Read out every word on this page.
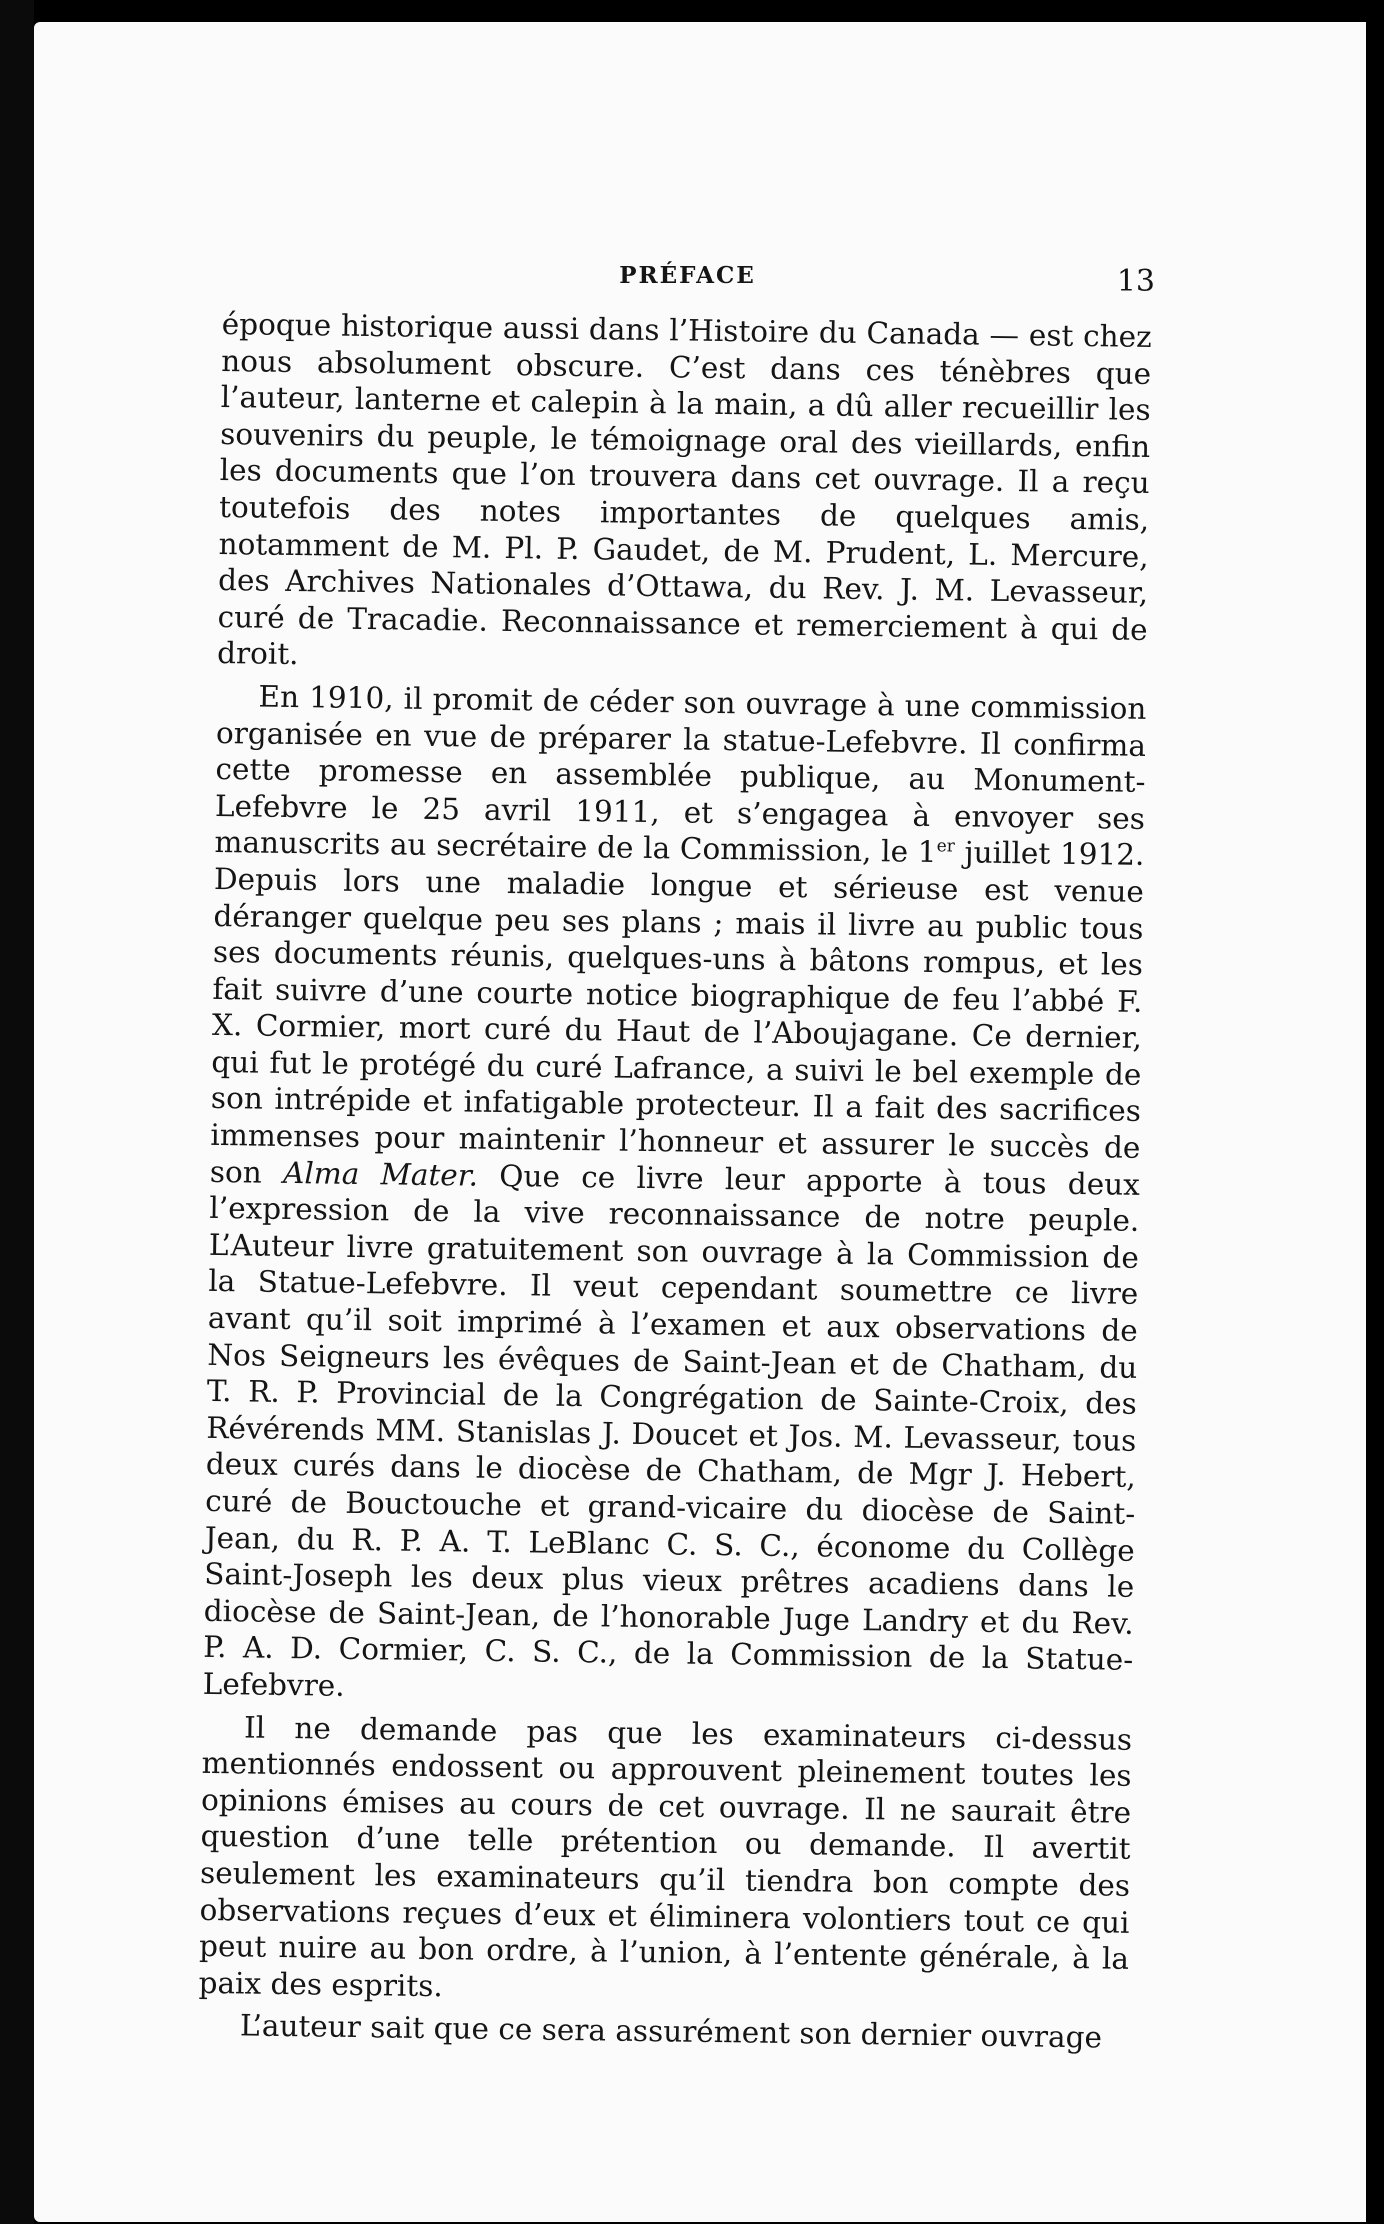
PRÉFACE	13

époque historique aussi dans l’Histoire du Canada — est chez nous absolument obscure. C’est dans ces ténèbres que l’auteur, lanterne et calepin à la main, a dû aller recueillir les souvenirs du peuple, le témoignage oral des vieillards, enfin les documents que l’on trouvera dans cet ouvrage. Il a reçu toutefois des notes importantes de quelques amis, notamment de M. Pl. P. Gaudet, de M. Prudent, L. Mercure, des Archives Nationales d’Ottawa, du Rev. J. M. Levasseur, curé de Tracadie. Reconnaissance et remerciement à qui de droit.

En 1910, il promit de céder son ouvrage à une commission organisée en vue de préparer la statue-Lefebvre. Il confirma cette promesse en assemblée publique, au Monument-Lefebvre le 25 avril 1911, et s’engagea à envoyer ses manuscrits au secrétaire de la Commission, le 1er juillet 1912. Depuis lors une maladie longue et sérieuse est venue déranger quelque peu ses plans ; mais il livre au public tous ses documents réunis, quelques-uns à bâtons rompus, et les fait suivre d’une courte notice biographique de feu l’abbé F. X. Cormier, mort curé du Haut de l’Aboujagane. Ce dernier, qui fut le protégé du curé Lafrance, a suivi le bel exemple de son intrépide et infatigable protecteur. Il a fait des sacrifices immenses pour maintenir l’honneur et assurer le succès de son Alma Mater. Que ce livre leur apporte à tous deux l’expression de la vive reconnaissance de notre peuple. L’Auteur livre gratuitement son ouvrage à la Commission de la Statue-Lefebvre. Il veut cependant soumettre ce livre avant qu’il soit imprimé à l’examen et aux observations de Nos Seigneurs les évêques de Saint-Jean et de Chatham, du T. R. P. Provincial de la Congrégation de Sainte-Croix, des Révérends MM. Stanislas J. Doucet et Jos. M. Levasseur, tous deux curés dans le diocèse de Chatham, de Mgr J. Hebert, curé de Bouctouche et grand-vicaire du diocèse de Saint-Jean, du R. P. A. T. LeBlanc C. S. C., économe du Collège Saint-Joseph les deux plus vieux prêtres acadiens dans le diocèse de Saint-Jean, de l’honorable Juge Landry et du Rev. P. A. D. Cormier, C. S. C., de la Commission de la Statue-Lefebvre.

Il ne demande pas que les examinateurs ci-dessus mentionnés endossent ou approuvent pleinement toutes les opinions émises au cours de cet ouvrage. Il ne saurait être question d’une telle prétention ou demande. Il avertit seulement les examinateurs qu’il tiendra bon compte des observations reçues d’eux et éliminera volontiers tout ce qui peut nuire au bon ordre, à l’union, à l’entente générale, à la paix des esprits.

L’auteur sait que ce sera assurément son dernier ouvrage
